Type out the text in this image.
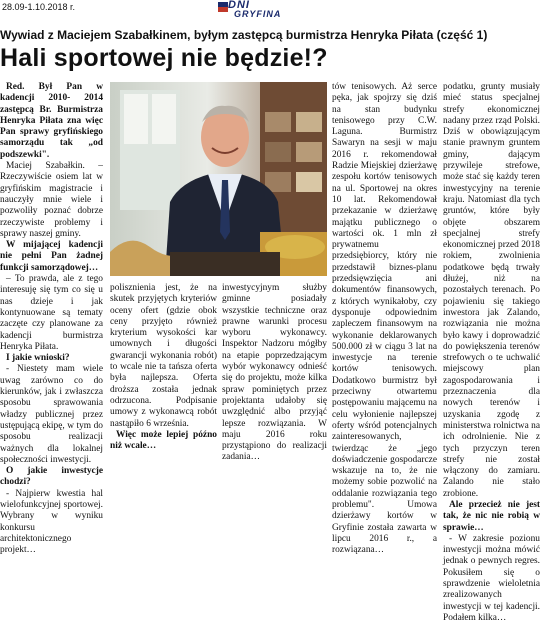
28.09-1.10.2018 r.	DNI
GRYFINA
Wywiad z Maciejem Szabałkinem, byłym zastępcą burmistrza Henryka Piłata (część 1)
Hali sportowej nie będzie!?

Red. Był Pan w kadencji 2010- 2014 zastępcą Br. Burmistrza Henryka Piłata zna więc Pan sprawy gryfińskiego samorządu tak „od podszewki".

Maciej Szabałkin. – Rzeczywiście osiem lat w gryfińskim magistracie i nauczyły mnie wiele i pozwoliły poznać dobrze rzeczywiste problemy i sprawy naszej gminy.

W mijającej kadencji nie pełni Pan żadnej funkcji samorządowej…

– To prawda, ale z tego interesuję się tym co się u nas dzieje i jak kontynuowane są tematy zaczęte czy planowane za kadencji burmistrza Henryka Piłata.

I jakie wnioski?

- Niestety mam wiele uwag zarówno co do kierunków, jak i zwłaszcza sposobu sprawowania władzy publicznej przez ustępującą ekipę, w tym do sposobu realizacji ważnych dla lokalnej społeczności inwestycji.

O jakie inwestycje chodzi?

- Najpierw kwestia hal wielofunkcyjnej sportowej. Wybrany w wyniku konkursu architektonicznego projekt…

polisznienia jest, że na skutek przyjętych kryteriów oceny ofert (gdzie obok ceny przyjęto również kryterium wysokości kar umownych i długości gwarancji wykonania robót) to wcale nie ta tańsza oferta była najlepsza. Oferta droższa została jednak odrzucona. Podpisanie umowy z wykonawcą robót nastąpiło 6 września.

Więc może lepiej późno niż wcale…

inwestycyjnym służby gminne posiadały wszystkie techniczne oraz prawne warunki procesu wyboru wykonawcy. Inspektor Nadzoru mógłby na etapie poprzedzającym wybór wykonawcy odnieść się do projektu, może kilka spraw pominiętych przez projektanta udałoby się uwzględnić albo przyjąć lepsze rozwiązania. W maju 2016 roku przystąpiono do realizacji zadania…

tów tenisowych. Aż serce pęka, jak spojrzy się dziś na stan budynku tenisowego przy C.W. Laguna. Burmistrz Sawaryn na sesji w maju 2016 r. rekomendował Radzie Miejskiej dzierżawę zespołu kortów tenisowych na ul. Sportowej na okres 10 lat. Rekomendował przekazanie w dzierżawę majątku publicznego o wartości ok. 1 mln zł prywatnemu przedsiębiorcy, który nie przedstawił biznes-planu przedsięwzięcia ani dokumentów finansowych, z których wynikałoby, czy dysponuje odpowiednim zapleczem finansowym na wykonanie deklarowanych 500.000 zł w ciągu 3 lat na inwestycje na terenie kortów tenisowych. Dodatkowo burmistrz był przeciwny otwartemu postępowaniu mającemu na celu wyłonienie najlepszej oferty wśród potencjalnych zainteresowanych, twierdząc że „jego doświadczenie gospodarcze wskazuje na to, że nie możemy sobie pozwolić na oddalanie rozwiązania tego problemu". Umowa dzierżawy kortów w Gryfinie została zawarta w lipcu 2016 r., a rozwiązana…

podatku, grunty musiały mieć status specjalnej strefy ekonomicznej nadany przez rząd Polski. Dziś w obowiązującym stanie prawnym gruntem gminy, dającym przywileje strefowe, może stać się każdy teren inwestycyjny na terenie kraju. Natomiast dla tych gruntów, które były objęte obszarem specjalnej strefy ekonomicznej przed 2018 rokiem, zwolnienia podatkowe będą trwały dłużej, niż na pozostałych terenach. Po pojawieniu się takiego inwestora jak Zalando, rozwiązania nie można było kawy i doprowadzić do powiększenia terenów strefowych o te uchwalić miejscowy plan zagospodarowania i przeznaczenia dla nowych terenów i uzyskania zgodę z ministerstwa rolnictwa na ich odrolnienie. Nie z tych przyczyn teren strefy nie został włączony do zamiaru. Zalando nie stało zrobione.

Ale przecież nie jest tak, że nic nie robią w sprawie…

- W zakresie pozionu inwestycji można mówić jednak o pewnych regres. Pokusiłem się o sprawdzenie wieloletnia zrealizowanych inwestycji w tej kadencji. Podałem kilka…
